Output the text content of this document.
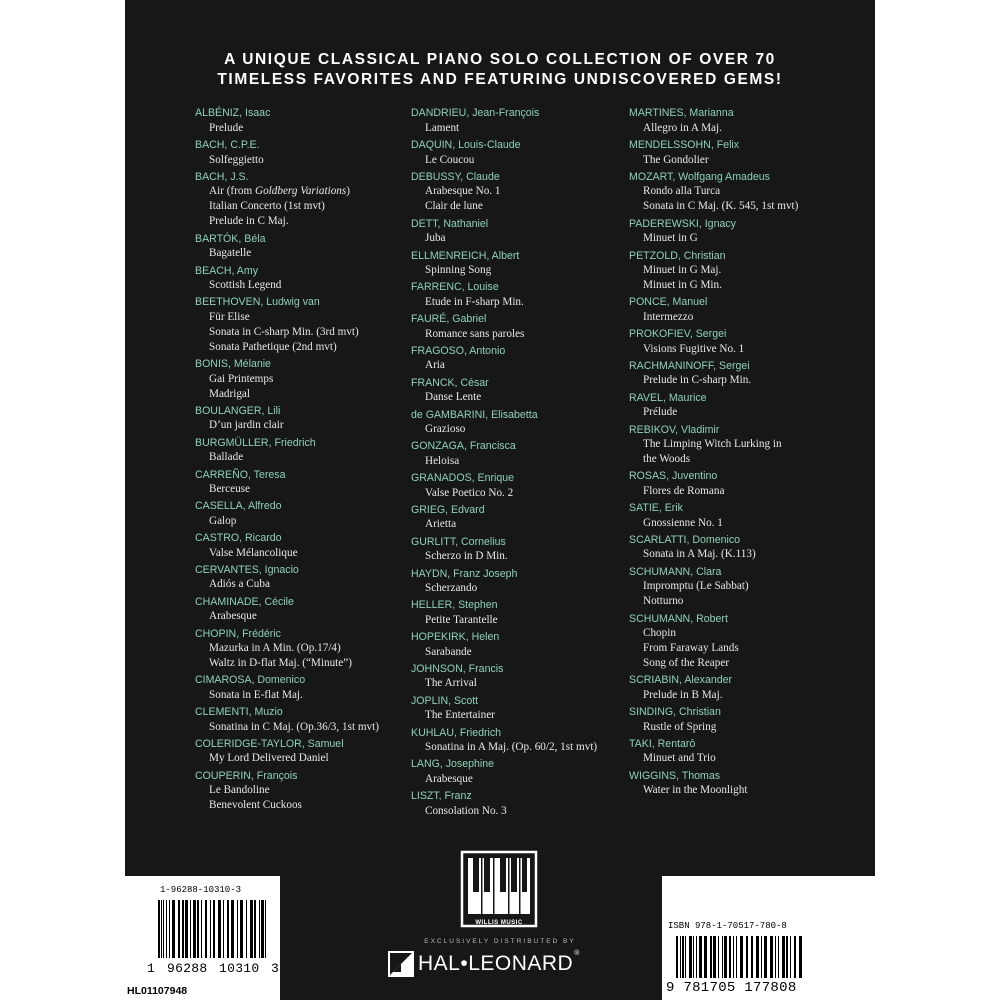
A UNIQUE CLASSICAL PIANO SOLO COLLECTION OF OVER 70
TIMELESS FAVORITES AND FEATURING UNDISCOVERED GEMS!
ALBÉNIZ, Isaac
Prelude
BACH, C.P.E.
Solfeggietto
BACH, J.S.
Air (from Goldberg Variations)
Italian Concerto (1st mvt)
Prelude in C Maj.
BARTÓK, Béla
Bagatelle
BEACH, Amy
Scottish Legend
BEETHOVEN, Ludwig van
Für Elise
Sonata in C-sharp Min. (3rd mvt)
Sonata Pathetique (2nd mvt)
BONIS, Mélanie
Gai Printemps
Madrigal
BOULANGER, Lili
D’un jardin clair
BURGMÜLLER, Friedrich
Ballade
CARREÑO, Teresa
Berceuse
CASELLA, Alfredo
Galop
CASTRO, Ricardo
Valse Mélancolique
CERVANTES, Ignacio
Adiós a Cuba
CHAMINADE, Cécile
Arabesque
CHOPIN, Frédéric
Mazurka in A Min. (Op.17/4)
Waltz in D-flat Maj. (“Minute”)
CIMAROSA, Domenico
Sonata in E-flat Maj.
CLEMENTI, Muzio
Sonatina in C Maj. (Op.36/3, 1st mvt)
COLERIDGE-TAYLOR, Samuel
My Lord Delivered Daniel
COUPERIN, François
Le Bandoline
Benevolent Cuckoos
DANDRIEU, Jean-François
Lament
DAQUIN, Louis-Claude
Le Coucou
DEBUSSY, Claude
Arabesque No. 1
Clair de lune
DETT, Nathaniel
Juba
ELLMENREICH, Albert
Spinning Song
FARRENC, Louise
Etude in F-sharp Min.
FAURÉ, Gabriel
Romance sans paroles
FRAGOSO, Antonio
Aria
FRANCK, César
Danse Lente
de GAMBARINI, Elisabetta
Grazioso
GONZAGA, Francisca
Heloisa
GRANADOS, Enrique
Valse Poetico No. 2
GRIEG, Edvard
Arietta
GURLITT, Cornelius
Scherzo in D Min.
HAYDN, Franz Joseph
Scherzando
HELLER, Stephen
Petite Tarantelle
HOPEKIRK, Helen
Sarabande
JOHNSON, Francis
The Arrival
JOPLIN, Scott
The Entertainer
KUHLAU, Friedrich
Sonatina in A Maj. (Op. 60/2, 1st mvt)
LANG, Josephine
Arabesque
LISZT, Franz
Consolation No. 3
MARTINES, Marianna
Allegro in A Maj.
MENDELSSOHN, Felix
The Gondolier
MOZART, Wolfgang Amadeus
Rondo alla Turca
Sonata in C Maj. (K. 545, 1st mvt)
PADEREWSKI, Ignacy
Minuet in G
PETZOLD, Christian
Minuet in G Maj.
Minuet in G Min.
PONCE, Manuel
Intermezzo
PROKOFIEV, Sergei
Visions Fugitive No. 1
RACHMANINOFF, Sergei
Prelude in C-sharp Min.
RAVEL, Maurice
Prélude
REBIKOV, Vladimir
The Limping Witch Lurking in
the Woods
ROSAS, Juventino
Flores de Romana
SATIE, Erik
Gnossienne No. 1
SCARLATTI, Domenico
Sonata in A Maj. (K.113)
SCHUMANN, Clara
Impromptu (Le Sabbat)
Notturno
SCHUMANN, Robert
Chopin
From Faraway Lands
Song of the Reaper
SCRIABIN, Alexander
Prelude in B Maj.
SINDING, Christian
Rustle of Spring
TAKI, Rentarō
Minuet and Trio
WIGGINS, Thomas
Water in the Moonlight
WILLIS MUSIC
EXCLUSIVELY DISTRIBUTED BY
HAL•LEONARD ®
1-96288-10310-3
1 96288 10310 3
HL01107948
ISBN 978-1-70517-780-8
9 781705 177808
